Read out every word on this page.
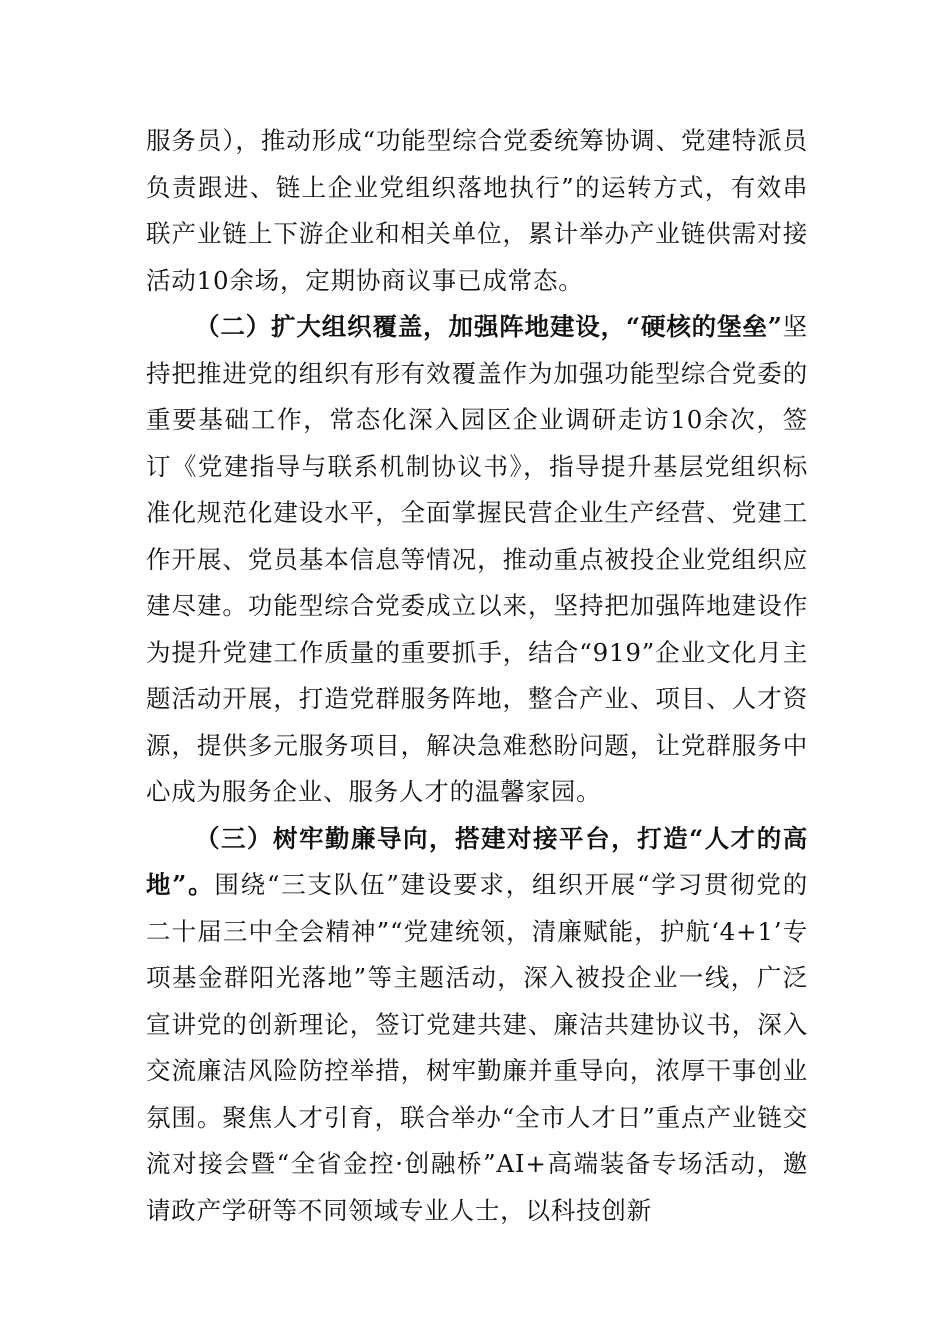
服务员），推动形成“功能型综合党委统筹协调、党建特派员负责跟进、链上企业党组织落地执行”的运转方式，有效串联产业链上下游企业和相关单位，累计举办产业链供需对接活动10余场，定期协商议事已成常态。

（二）扩大组织覆盖，加强阵地建设，“硬核的堡垒”坚持把推进党的组织有形有效覆盖作为加强功能型综合党委的重要基础工作，常态化深入园区企业调研走访10余次，签订《党建指导与联系机制协议书》，指导提升基层党组织标准化规范化建设水平，全面掌握民营企业生产经营、党建工作开展、党员基本信息等情况，推动重点被投企业党组织应建尽建。功能型综合党委成立以来，坚持把加强阵地建设作为提升党建工作质量的重要抓手，结合“919”企业文化月主题活动开展，打造党群服务阵地，整合产业、项目、人才资源，提供多元服务项目，解决急难愁盼问题，让党群服务中心成为服务企业、服务人才的温馨家园。

（三）树牢勤廉导向，搭建对接平台，打造“人才的高地”。围绕“三支队伍”建设要求，组织开展“学习贯彻党的二十届三中全会精神”“党建统领，清廉赋能，护航‘4+1’专项基金群阳光落地”等主题活动，深入被投企业一线，广泛宣讲党的创新理论，签订党建共建、廉洁共建协议书，深入交流廉洁风险防控举措，树牢勤廉并重导向，浓厚干事创业氛围。聚焦人才引育，联合举办“全市人才日”重点产业链交流对接会暨“全省金控·创融桥”AI+高端装备专场活动，邀请政产学研等不同领域专业人士，以科技创新
